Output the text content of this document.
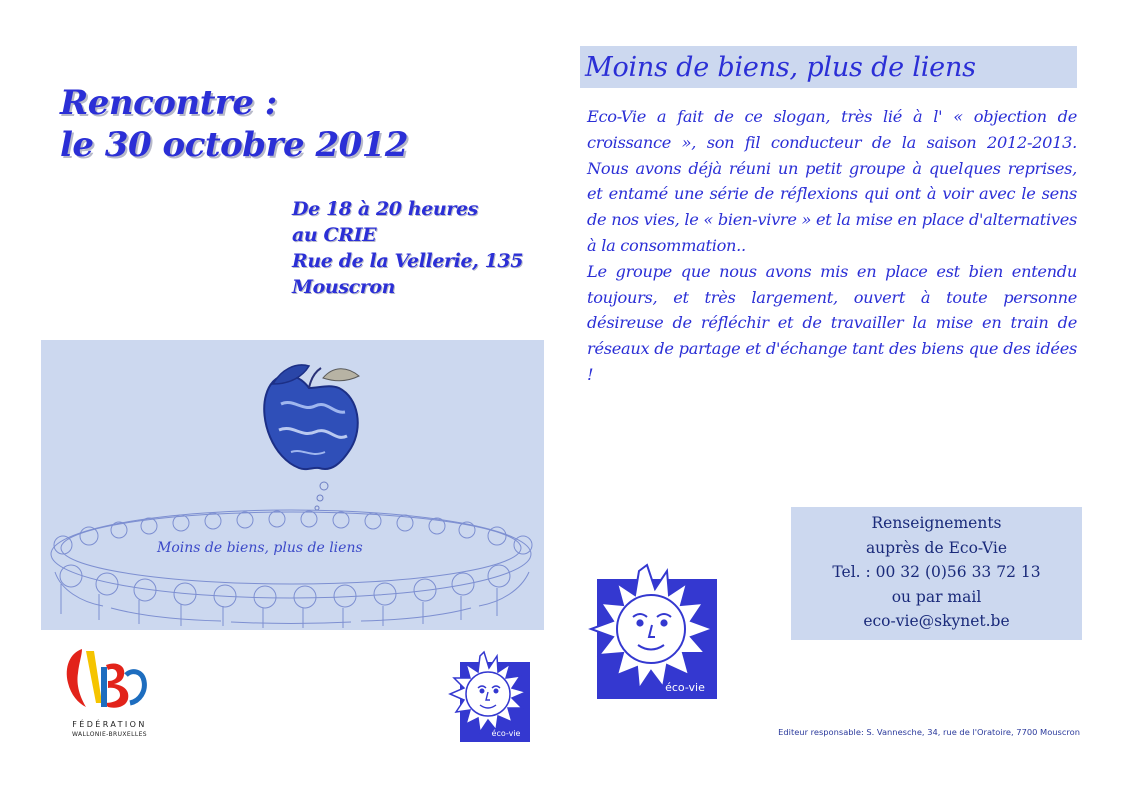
Rencontre :
le 30 octobre 2012
De 18 à 20 heures
au CRIE
Rue de la Vellerie, 135
Mouscron
Moins de biens, plus de liens
FÉDÉRATION
WALLONIE-BRUXELLES	éco-vie
Moins de biens, plus de liens

Eco-Vie a fait de ce slogan, très lié à l' « objection de croissance », son fil conducteur de la saison 2012-2013. Nous avons déjà réuni un petit groupe à quelques reprises, et entamé une série de réflexions qui ont à voir avec le sens de nos vies, le « bien-vivre » et la mise en place d'alternatives à la consommation..

Le groupe que nous avons mis en place est bien entendu toujours, et très largement, ouvert à toute personne désireuse de réfléchir et de travailler la mise en train de réseaux de partage et d'échange tant des biens que des idées !

Renseignements
auprès de Eco-Vie
Tel. : 00 32 (0)56 33 72 13
ou par mail
eco-vie@skynet.be
éco-vie
Editeur responsable: S. Vannesche, 34, rue de l'Oratoire, 7700 Mouscron
